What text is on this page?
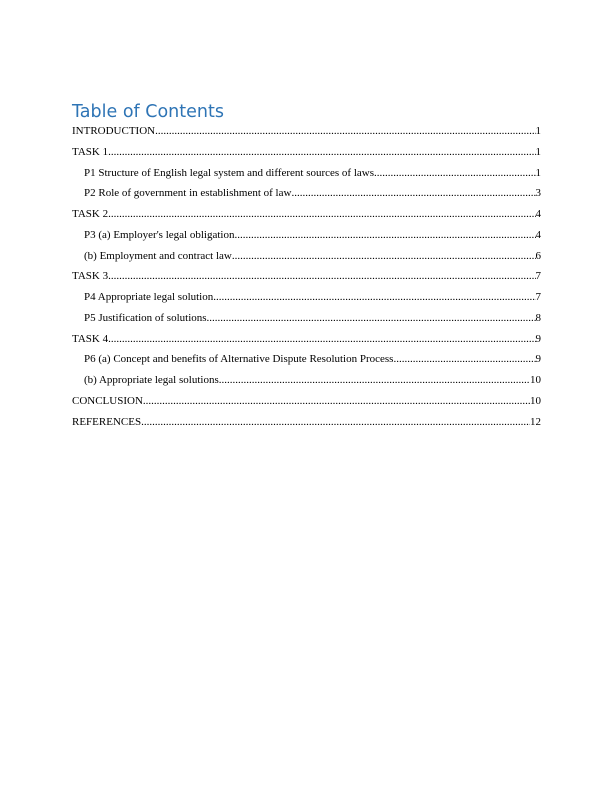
Table of Contents
INTRODUCTION .....	1
TASK 1 .....	1
P1 Structure of English legal system and different sources of laws .....	1
P2 Role of government in establishment of law .....	3
TASK 2 .....	4
P3 (a) Employer's legal obligation .....	4
(b) Employment and contract law .....	6
TASK 3 .....	7
P4 Appropriate legal solution .....	7
P5 Justification of solutions .....	8
TASK 4 .....	9
P6 (a) Concept and benefits of Alternative Dispute Resolution Process .....	9
(b) Appropriate legal solutions .....	10
CONCLUSION .....	10
REFERENCES .....	12
